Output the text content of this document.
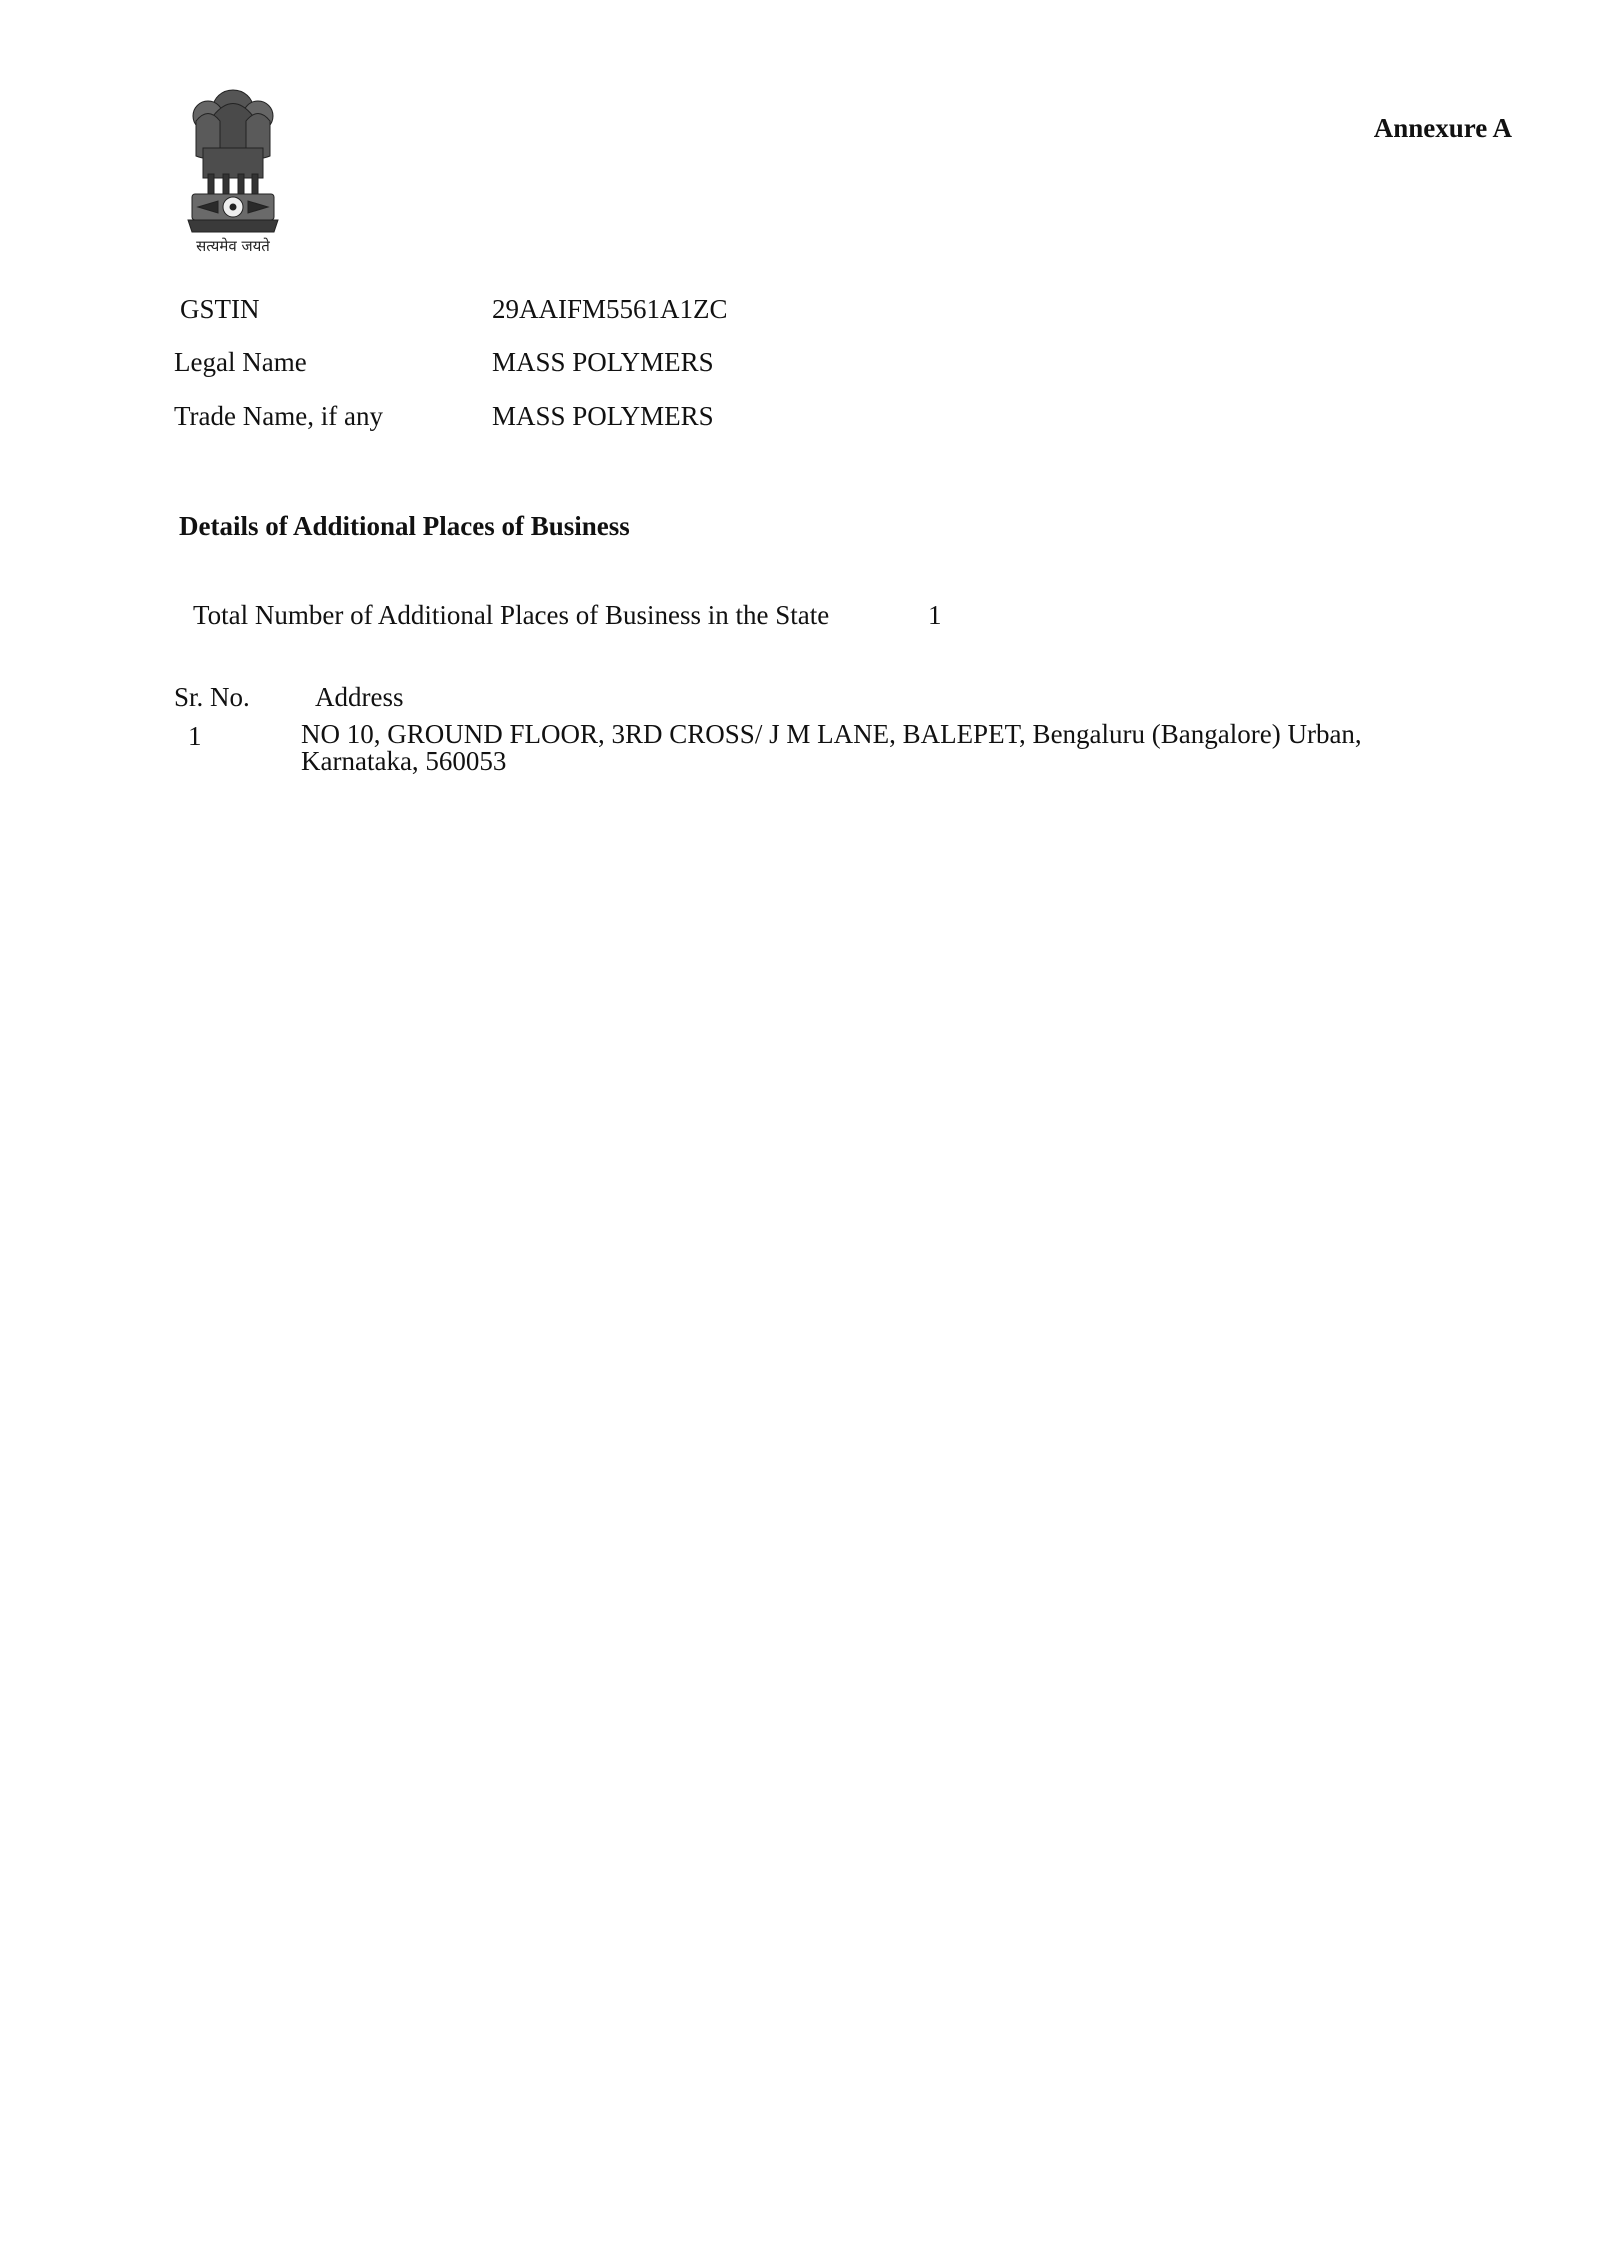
सत्यमेव जयते
Annexure A
GSTIN	29AAIFM5561A1ZC
Legal Name	MASS POLYMERS
Trade Name, if any	MASS POLYMERS
Details of Additional Places of Business
Total Number of Additional Places of Business in the State	1
Sr. No. Address
1	NO 10, GROUND FLOOR, 3RD CROSS/ J M LANE, BALEPET, Bengaluru (Bangalore) Urban, Karnataka, 560053
